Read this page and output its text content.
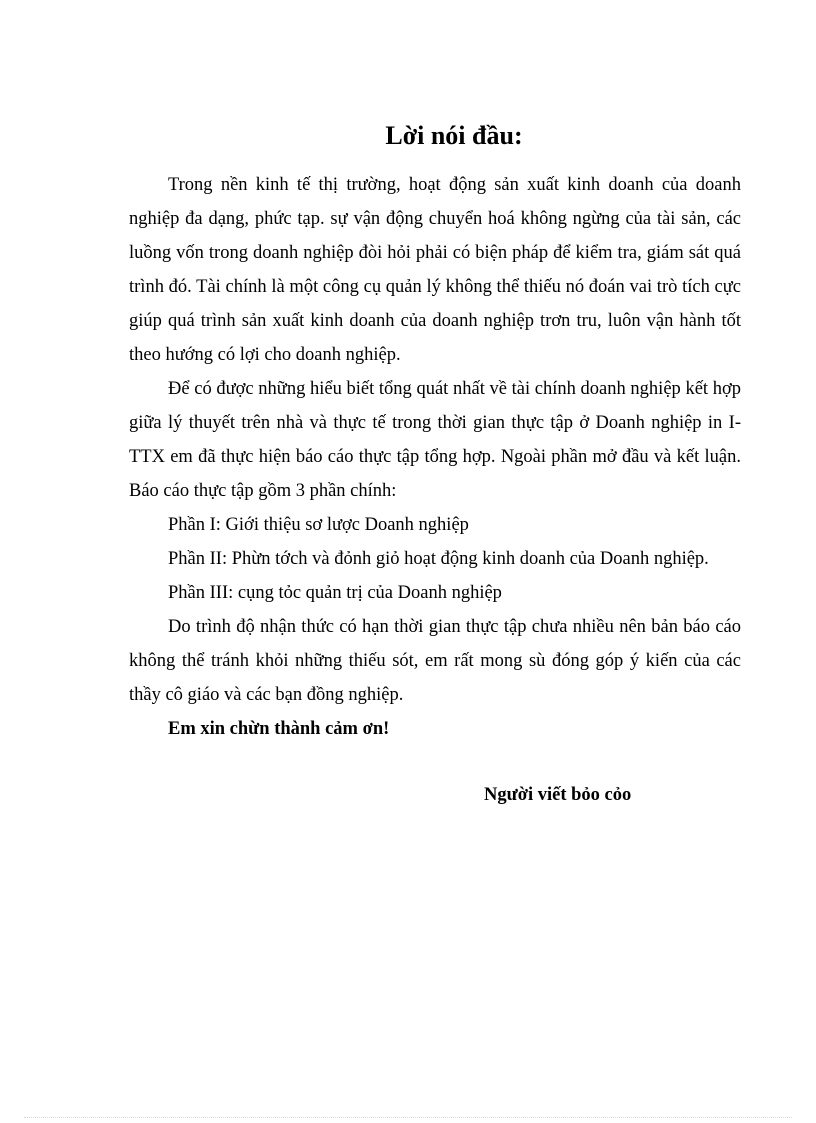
Lời nói đầu:

Trong nền kinh tế thị trường, hoạt động sản xuất kinh doanh của doanh nghiệp đa dạng, phức tạp. sự vận động chuyển hoá không ngừng của tài sản, các luồng vốn trong doanh nghiệp đòi hỏi phải có biện pháp để kiểm tra, giám sát quá trình đó. Tài chính là một công cụ quản lý không thể thiếu nó đoán vai trò tích cực giúp quá trình sản xuất kinh doanh của doanh nghiệp trơn tru, luôn vận hành tốt theo hướng có lợi cho doanh nghiệp.

Để có được những hiểu biết tổng quát nhất về tài chính doanh nghiệp kết hợp giữa lý thuyết trên nhà và thực tế trong thời gian thực tập ở Doanh nghiệp in I- TTX em đã thực hiện báo cáo thực tập tổng hợp. Ngoài phần mở đầu và kết luận. Báo cáo thực tập gồm 3 phần chính:

Phần I: Giới thiệu sơ lược Doanh nghiệp

Phần II: Phừn tớch và đỏnh giỏ hoạt động kinh doanh của Doanh nghiệp.

Phần III: cụng tỏc quản trị của Doanh nghiệp

Do trình độ nhận thức có hạn thời gian thực tập chưa nhiều nên bản báo cáo không thể tránh khỏi những thiếu sót, em rất mong sù đóng góp ý kiến của các thầy cô giáo và các bạn đồng nghiệp.

Em xin chừn thành cảm ơn!

Người viết bỏo cỏo
